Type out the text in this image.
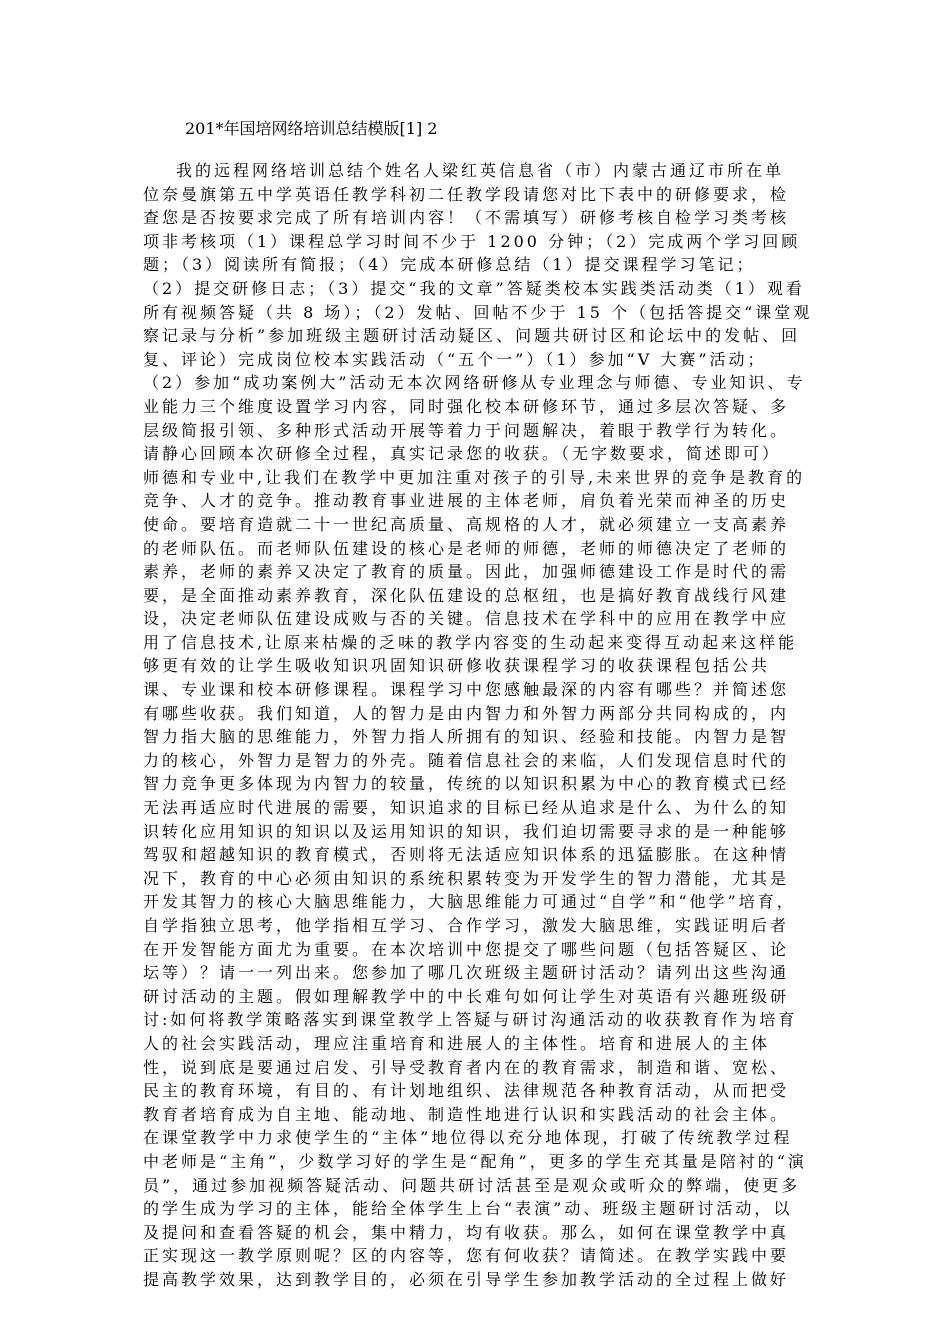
201*年国培网络培训总结模版[1] 2
我的远程网络培训总结个姓名人梁红英信息省（市）内蒙古通辽市所在单
位奈曼旗第五中学英语任教学科初二任教学段请您对比下表中的研修要求，检
查您是否按要求完成了所有培训内容！（不需填写）研修考核自检学习类考核
项非考核项（1）课程总学习时间不少于 1200 分钟；（2）完成两个学习回顾
题；（3）阅读所有简报；（4）完成本研修总结（1）提交课程学习笔记；
（2）提交研修日志；（3）提交“我的文章”答疑类校本实践类活动类（1）观看
所有视频答疑（共 8 场）；（2）发帖、回帖不少于 15 个（包括答提交“课堂观
察记录与分析”参加班级主题研讨活动疑区、问题共研讨区和论坛中的发帖、回
复、评论）完成岗位校本实践活动（“五个一”）（1）参加“V 大赛”活动；
（2）参加“成功案例大”活动无本次网络研修从专业理念与师德、专业知识、专
业能力三个维度设置学习内容，同时强化校本研修环节，通过多层次答疑、多
层级简报引领、多种形式活动开展等着力于问题解决，着眼于教学行为转化。
请静心回顾本次研修全过程，真实记录您的收获。（无字数要求，简述即可）
师德和专业中,让我们在教学中更加注重对孩子的引导,未来世界的竞争是教育的
竞争、人才的竞争。推动教育事业进展的主体老师，肩负着光荣而神圣的历史
使命。要培育造就二十一世纪高质量、高规格的人才，就必须建立一支高素养
的老师队伍。而老师队伍建设的核心是老师的师德，老师的师德决定了老师的
素养，老师的素养又决定了教育的质量。因此，加强师德建设工作是时代的需
要，是全面推动素养教育，深化队伍建设的总枢纽，也是搞好教育战线行风建
设，决定老师队伍建设成败与否的关键。信息技术在学科中的应用在教学中应
用了信息技术,让原来枯燥的乏味的教学内容变的生动起来变得互动起来这样能
够更有效的让学生吸收知识巩固知识研修收获课程学习的收获课程包括公共
课、专业课和校本研修课程。课程学习中您感触最深的内容有哪些？并简述您
有哪些收获。我们知道，人的智力是由内智力和外智力两部分共同构成的，内
智力指大脑的思维能力，外智力指人所拥有的知识、经验和技能。内智力是智
力的核心，外智力是智力的外壳。随着信息社会的来临，人们发现信息时代的
智力竞争更多体现为内智力的较量，传统的以知识积累为中心的教育模式已经
无法再适应时代进展的需要，知识追求的目标已经从追求是什么、为什么的知
识转化应用知识的知识以及运用知识的知识，我们迫切需要寻求的是一种能够
驾驭和超越知识的教育模式，否则将无法适应知识体系的迅猛膨胀。在这种情
况下，教育的中心必须由知识的系统积累转变为开发学生的智力潜能，尤其是
开发其智力的核心大脑思维能力，大脑思维能力可通过“自学”和“他学”培育，
自学指独立思考，他学指相互学习、合作学习，激发大脑思维，实践证明后者
在开发智能方面尤为重要。在本次培训中您提交了哪些问题（包括答疑区、论
坛等）？请一一列出来。您参加了哪几次班级主题研讨活动？请列出这些沟通
研讨活动的主题。假如理解教学中的中长难句如何让学生对英语有兴趣班级研
讨:如何将教学策略落实到课堂教学上答疑与研讨沟通活动的收获教育作为培育
人的社会实践活动，理应注重培育和进展人的主体性。培育和进展人的主体
性，说到底是要通过启发、引导受教育者内在的教育需求，制造和谐、宽松、
民主的教育环境，有目的、有计划地组织、法律规范各种教育活动，从而把受
教育者培育成为自主地、能动地、制造性地进行认识和实践活动的社会主体。
在课堂教学中力求使学生的“主体”地位得以充分地体现，打破了传统教学过程
中老师是“主角”，少数学习好的学生是“配角”，更多的学生充其量是陪衬的“演
员”，通过参加视频答疑活动、问题共研讨活甚至是观众或听众的弊端，使更多
的学生成为学习的主体，能给全体学生上台“表演”动、班级主题研讨活动，以
及提问和查看答疑的机会，集中精力，均有收获。那么，如何在课堂教学中真
正实现这一教学原则呢？区的内容等，您有何收获？请简述。在教学实践中要
提高教学效果，达到教学目的，必须在引导学生参加教学活动的全过程上做好
